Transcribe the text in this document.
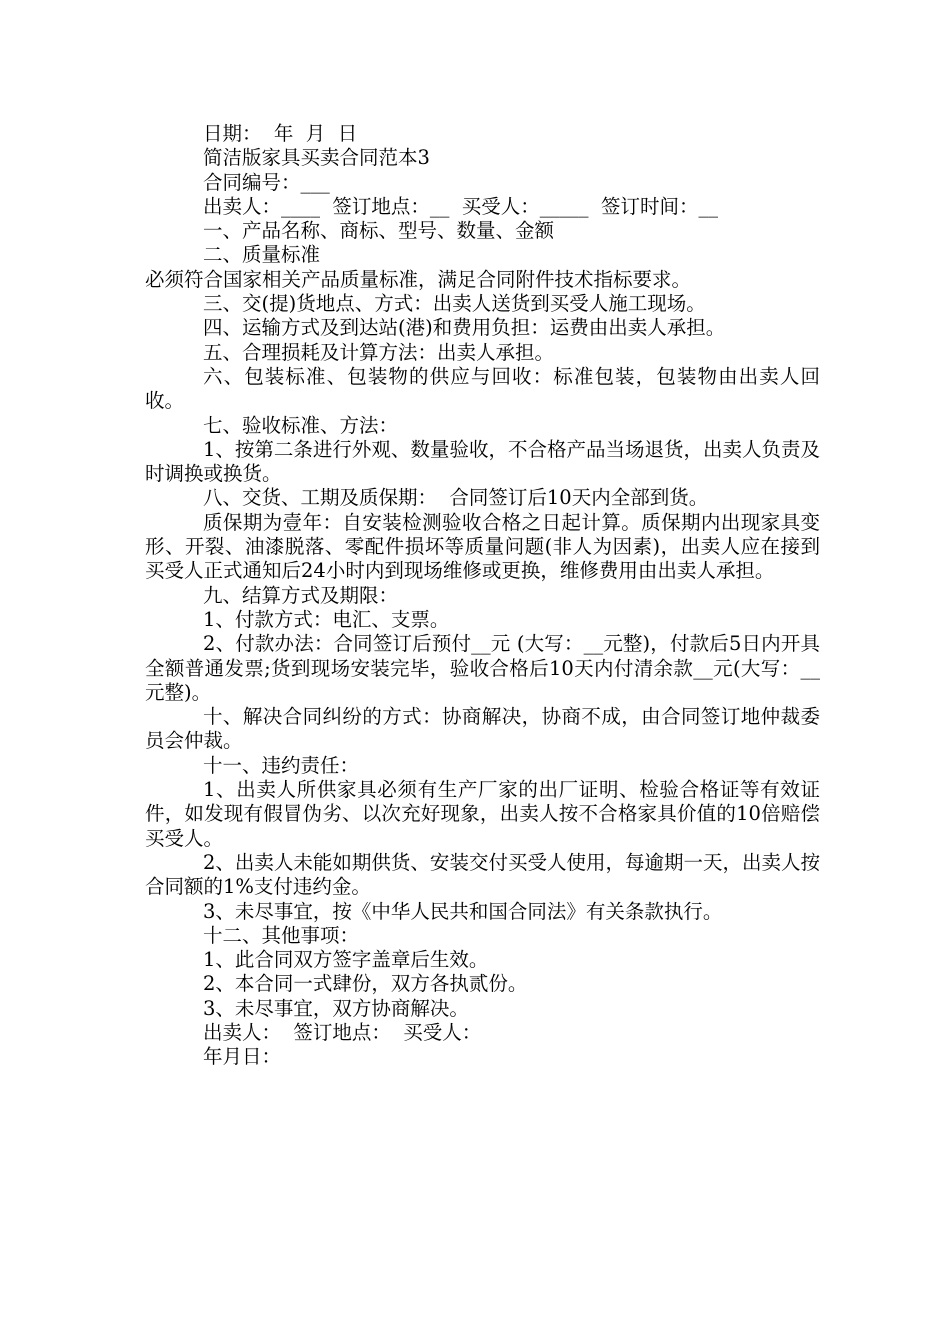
日期：  年  月  日

简洁版家具买卖合同范本3

合同编号：___

出卖人：____  签订地点：__  买受人：_____  签订时间：__

一、产品名称、商标、型号、数量、金额

二、质量标准

必须符合国家相关产品质量标准，满足合同附件技术指标要求。

三、交(提)货地点、方式：出卖人送货到买受人施工现场。

四、运输方式及到达站(港)和费用负担：运费由出卖人承担。

五、合理损耗及计算方法：出卖人承担。

六、包装标准、包装物的供应与回收：标准包装，包装物由出卖人回收。

七、验收标准、方法：

1、按第二条进行外观、数量验收，不合格产品当场退货，出卖人负责及时调换或换货。

八、交货、工期及质保期：  合同签订后10天内全部到货。

质保期为壹年：自安装检测验收合格之日起计算。质保期内出现家具变形、开裂、油漆脱落、零配件损坏等质量问题(非人为因素)，出卖人应在接到买受人正式通知后24小时内到现场维修或更换，维修费用由出卖人承担。

九、结算方式及期限：

1、付款方式：电汇、支票。

2、付款办法：合同签订后预付__元 (大写：__元整)，付款后5日内开具全额普通发票;货到现场安装完毕，验收合格后10天内付清余款__元(大写：__元整)。

十、解决合同纠纷的方式：协商解决，协商不成，由合同签订地仲裁委员会仲裁。

十一、违约责任：

1、出卖人所供家具必须有生产厂家的出厂证明、检验合格证等有效证件，如发现有假冒伪劣、以次充好现象，出卖人按不合格家具价值的10倍赔偿买受人。

2、出卖人未能如期供货、安装交付买受人使用，每逾期一天，出卖人按合同额的1%支付违约金。

3、未尽事宜，按《中华人民共和国合同法》有关条款执行。

十二、其他事项：

1、此合同双方签字盖章后生效。

2、本合同一式肆份，双方各执贰份。

3、未尽事宜，双方协商解决。

出卖人：  签订地点：  买受人：

年月日：
